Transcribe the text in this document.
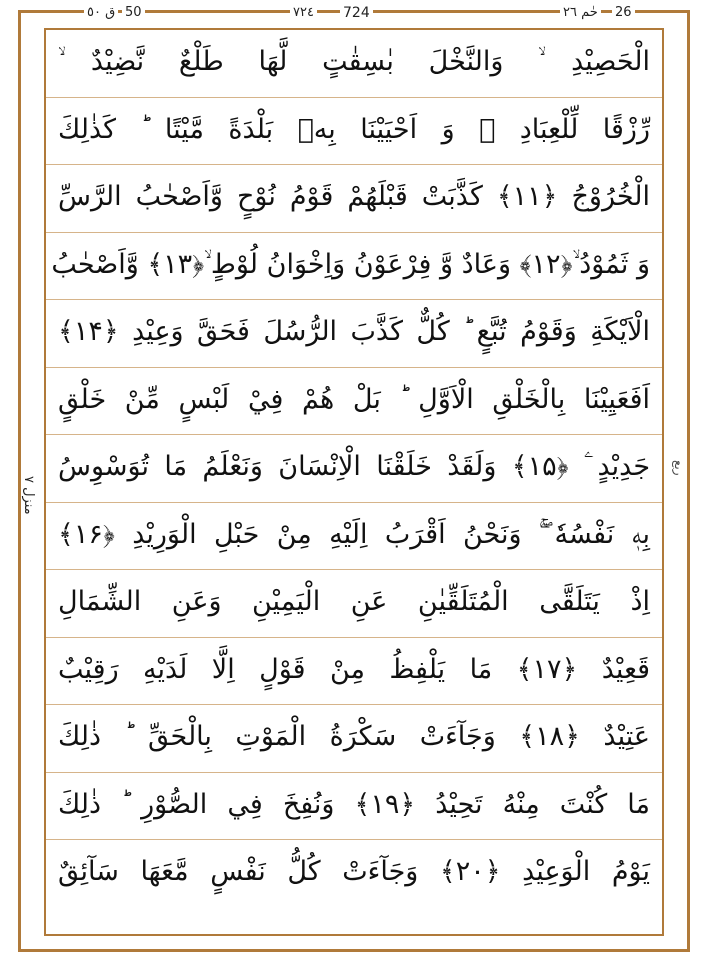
ق ٥٠ 50	٧٢٤ 724	حٰم ٢٦ 26
منزل ٧
ربع
الْحَصِيْدِ ۙ وَالنَّخْلَ بٰسِقٰتٍ لَّهَا طَلْعٌ نَّضِيْدٌ ۙ
رِّزْقًا لِّلْعِبَادِ ۙ وَ اَحْيَيْنَا بِهٖ بَلْدَةً مَّيْتًا ؕ كَذٰلِكَ
الْخُرُوْجُ ﴿۱۱﴾ كَذَّبَتْ قَبْلَهُمْ قَوْمُ نُوْحٍ وَّاَصْحٰبُ الرَّسِّ
وَ ثَمُوْدُ ۙ﴿۱۲﴾ وَعَادٌ وَّ فِرْعَوْنُ وَاِخْوَانُ لُوْطٍ ۙ﴿۱۳﴾ وَّاَصْحٰبُ
الْاَيْكَةِ وَقَوْمُ تُبَّعٍ ؕ كُلٌّ كَذَّبَ الرُّسُلَ فَحَقَّ وَعِيْدِ ﴿۱۴﴾
اَفَعَيِيْنَا بِالْخَلْقِ الْاَوَّلِ ؕ بَلْ هُمْ فِيْ لَبْسٍ مِّنْ خَلْقٍ
جَدِيْدٍ ۧ ﴿۱۵﴾ وَلَقَدْ خَلَقْنَا الْاِنْسَانَ وَنَعْلَمُ مَا تُوَسْوِسُ
بِهٖ نَفْسُهٗ ۚۖ وَنَحْنُ اَقْرَبُ اِلَيْهِ مِنْ حَبْلِ الْوَرِيْدِ ﴿۱۶﴾
اِذْ يَتَلَقَّى الْمُتَلَقِّيٰنِ عَنِ الْيَمِيْنِ وَعَنِ الشِّمَالِ
قَعِيْدٌ ﴿۱۷﴾ مَا يَلْفِظُ مِنْ قَوْلٍ اِلَّا لَدَيْهِ رَقِيْبٌ
عَتِيْدٌ ﴿۱۸﴾ وَجَآءَتْ سَكْرَةُ الْمَوْتِ بِالْحَقِّ ؕ ذٰلِكَ
مَا كُنْتَ مِنْهُ تَحِيْدُ ﴿۱۹﴾ وَنُفِخَ فِي الصُّوْرِ ؕ ذٰلِكَ
يَوْمُ الْوَعِيْدِ ﴿۲۰﴾ وَجَآءَتْ كُلُّ نَفْسٍ مَّعَهَا سَآئِقٌ
